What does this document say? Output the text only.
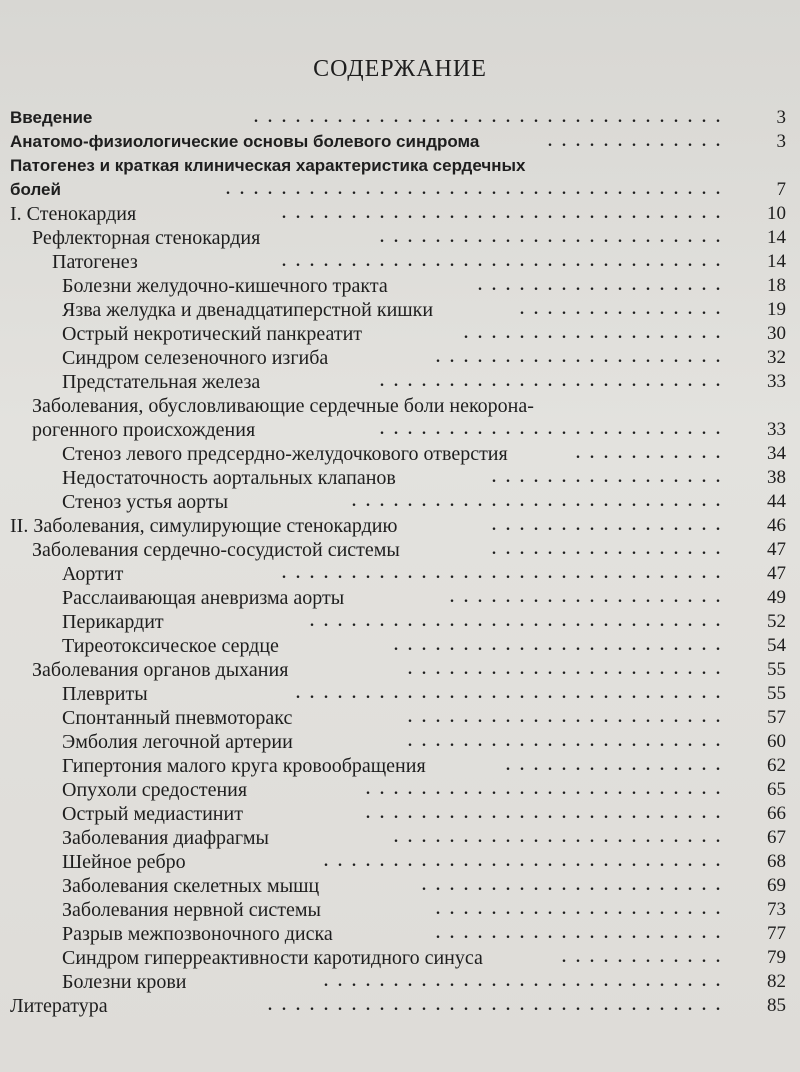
СОДЕРЖАНИЕ
Введение	..................................	3
Анатомо-физиологические основы болевого синдрома	.............	3
Патогенез и краткая клиническая характеристика сердечных
болей	....................................	7
I. Стенокардия	................................	10
Рефлекторная стенокардия	.........................	14
Патогенез	................................	14
Болезни желудочно-кишечного тракта	..................	18
Язва желудка и двенадцатиперстной кишки	...............	19
Острый некротический панкреатит	...................	30
Синдром селезеночного изгиба	.....................	32
Предстательная железа	.........................	33
Заболевания, обусловливающие сердечные боли некорона-
рогенного происхождения	.........................	33
Стеноз левого предсердно-желудочкового отверстия	...........	34
Недостаточность аортальных клапанов	.................	38
Стеноз устья аорты	...........................	44
II. Заболевания, симулирующие стенокардию	.................	46
Заболевания сердечно-сосудистой системы	.................	47
Аортит	................................	47
Расслаивающая аневризма аорты	....................	49
Перикардит	..............................	52
Тиреотоксическое сердце	........................	54
Заболевания органов дыхания	.......................	55
Плевриты	...............................	55
Спонтанный пневмоторакс	.......................	57
Эмболия легочной артерии	.......................	60
Гипертония малого круга кровообращения	................	62
Опухоли средостения	..........................	65
Острый медиастинит	..........................	66
Заболевания диафрагмы	........................	67
Шейное ребро	.............................	68
Заболевания скелетных мышц	......................	69
Заболевания нервной системы	.....................	73
Разрыв межпозвоночного диска	.....................	77
Синдром гиперреактивности каротидного синуса	............	79
Болезни крови	.............................	82
Литература	.................................	85
